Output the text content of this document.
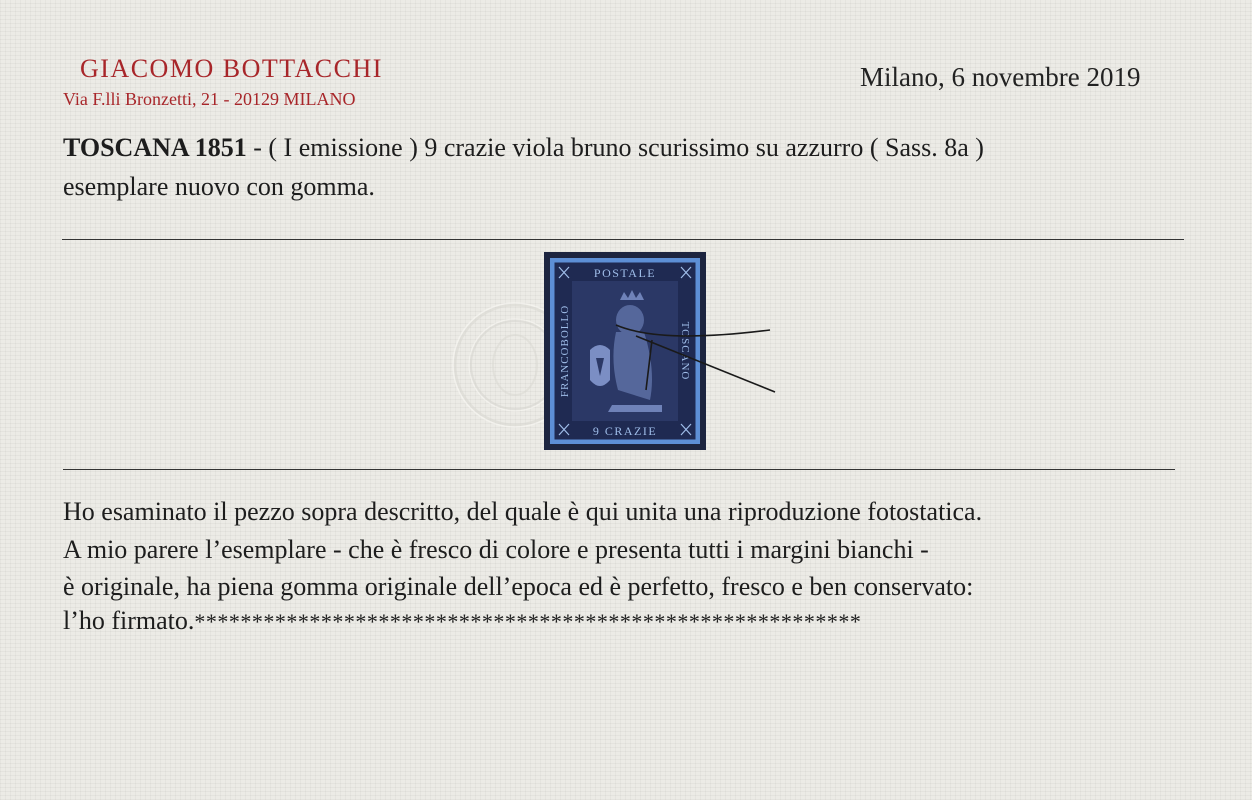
GIACOMO BOTTACCHI
Via F.lli Bronzetti, 21 - 20129 MILANO
Milano, 6 novembre 2019
TOSCANA 1851 - ( I emissione ) 9 crazie viola bruno scurissimo su azzurro ( Sass. 8a )
esemplare nuovo con gomma.
POSTALE
9 CRAZIE
FRANCOBOLLO	TOSCANO
Ho esaminato il pezzo sopra descritto, del quale è qui unita una riproduzione fotostatica.
A mio parere l’esemplare - che è fresco di colore e presenta tutti i margini bianchi -
è originale, ha piena gomma originale dell’epoca ed è perfetto, fresco e ben conservato:
l’ho firmato.**********************************************************
